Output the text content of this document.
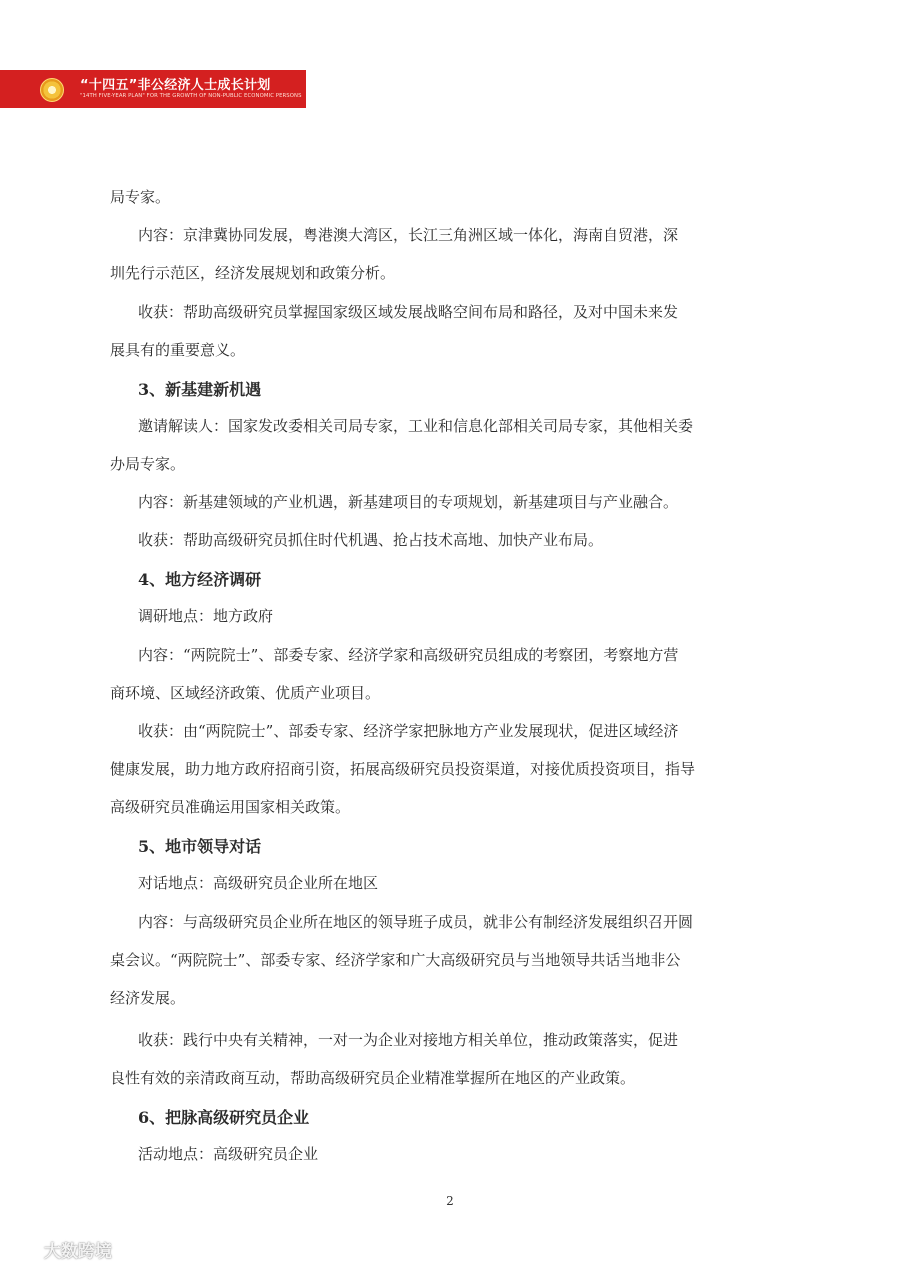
“十四五”非公经济人士成长计划
"14TH FIVE-YEAR PLAN" FOR THE GROWTH OF NON-PUBLIC ECONOMIC PERSONS
局专家。
内容：京津冀协同发展，粤港澳大湾区，长江三角洲区域一体化，海南自贸港，深
圳先行示范区，经济发展规划和政策分析。
收获：帮助高级研究员掌握国家级区域发展战略空间布局和路径，及对中国未来发
展具有的重要意义。
3、新基建新机遇
邀请解读人：国家发改委相关司局专家，工业和信息化部相关司局专家，其他相关委
办局专家。
内容：新基建领域的产业机遇，新基建项目的专项规划，新基建项目与产业融合。
收获：帮助高级研究员抓住时代机遇、抢占技术高地、加快产业布局。
4、地方经济调研
调研地点：地方政府
内容：“两院院士”、部委专家、经济学家和高级研究员组成的考察团，考察地方营
商环境、区域经济政策、优质产业项目。
收获：由“两院院士”、部委专家、经济学家把脉地方产业发展现状，促进区域经济
健康发展，助力地方政府招商引资，拓展高级研究员投资渠道，对接优质投资项目，指导
高级研究员准确运用国家相关政策。
5、地市领导对话
对话地点：高级研究员企业所在地区
内容：与高级研究员企业所在地区的领导班子成员，就非公有制经济发展组织召开圆
桌会议。“两院院士”、部委专家、经济学家和广大高级研究员与当地领导共话当地非公
经济发展。
收获：践行中央有关精神，一对一为企业对接地方相关单位，推动政策落实，促进
良性有效的亲清政商互动，帮助高级研究员企业精准掌握所在地区的产业政策。
6、把脉高级研究员企业
活动地点：高级研究员企业
2
大数跨境
